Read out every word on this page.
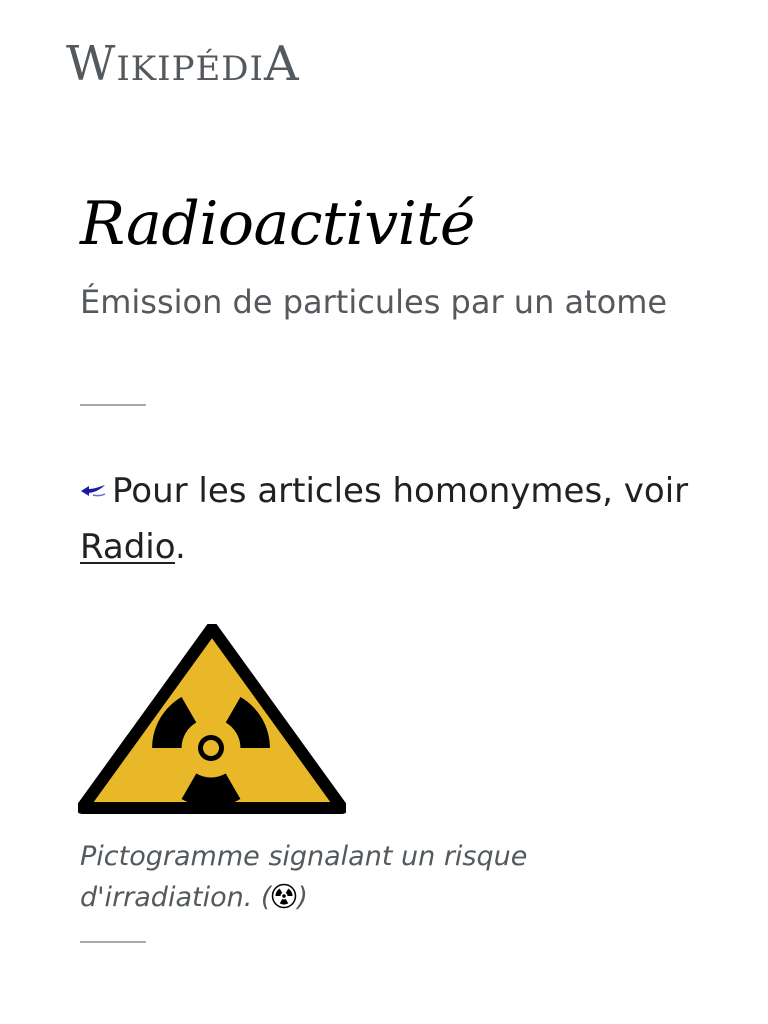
WIKIPÉDIA
Radioactivité

Émission de particules par un atome

Pour les articles homonymes, voir Radio.

Pictogramme signalant un risque d'irradiation. ( )
